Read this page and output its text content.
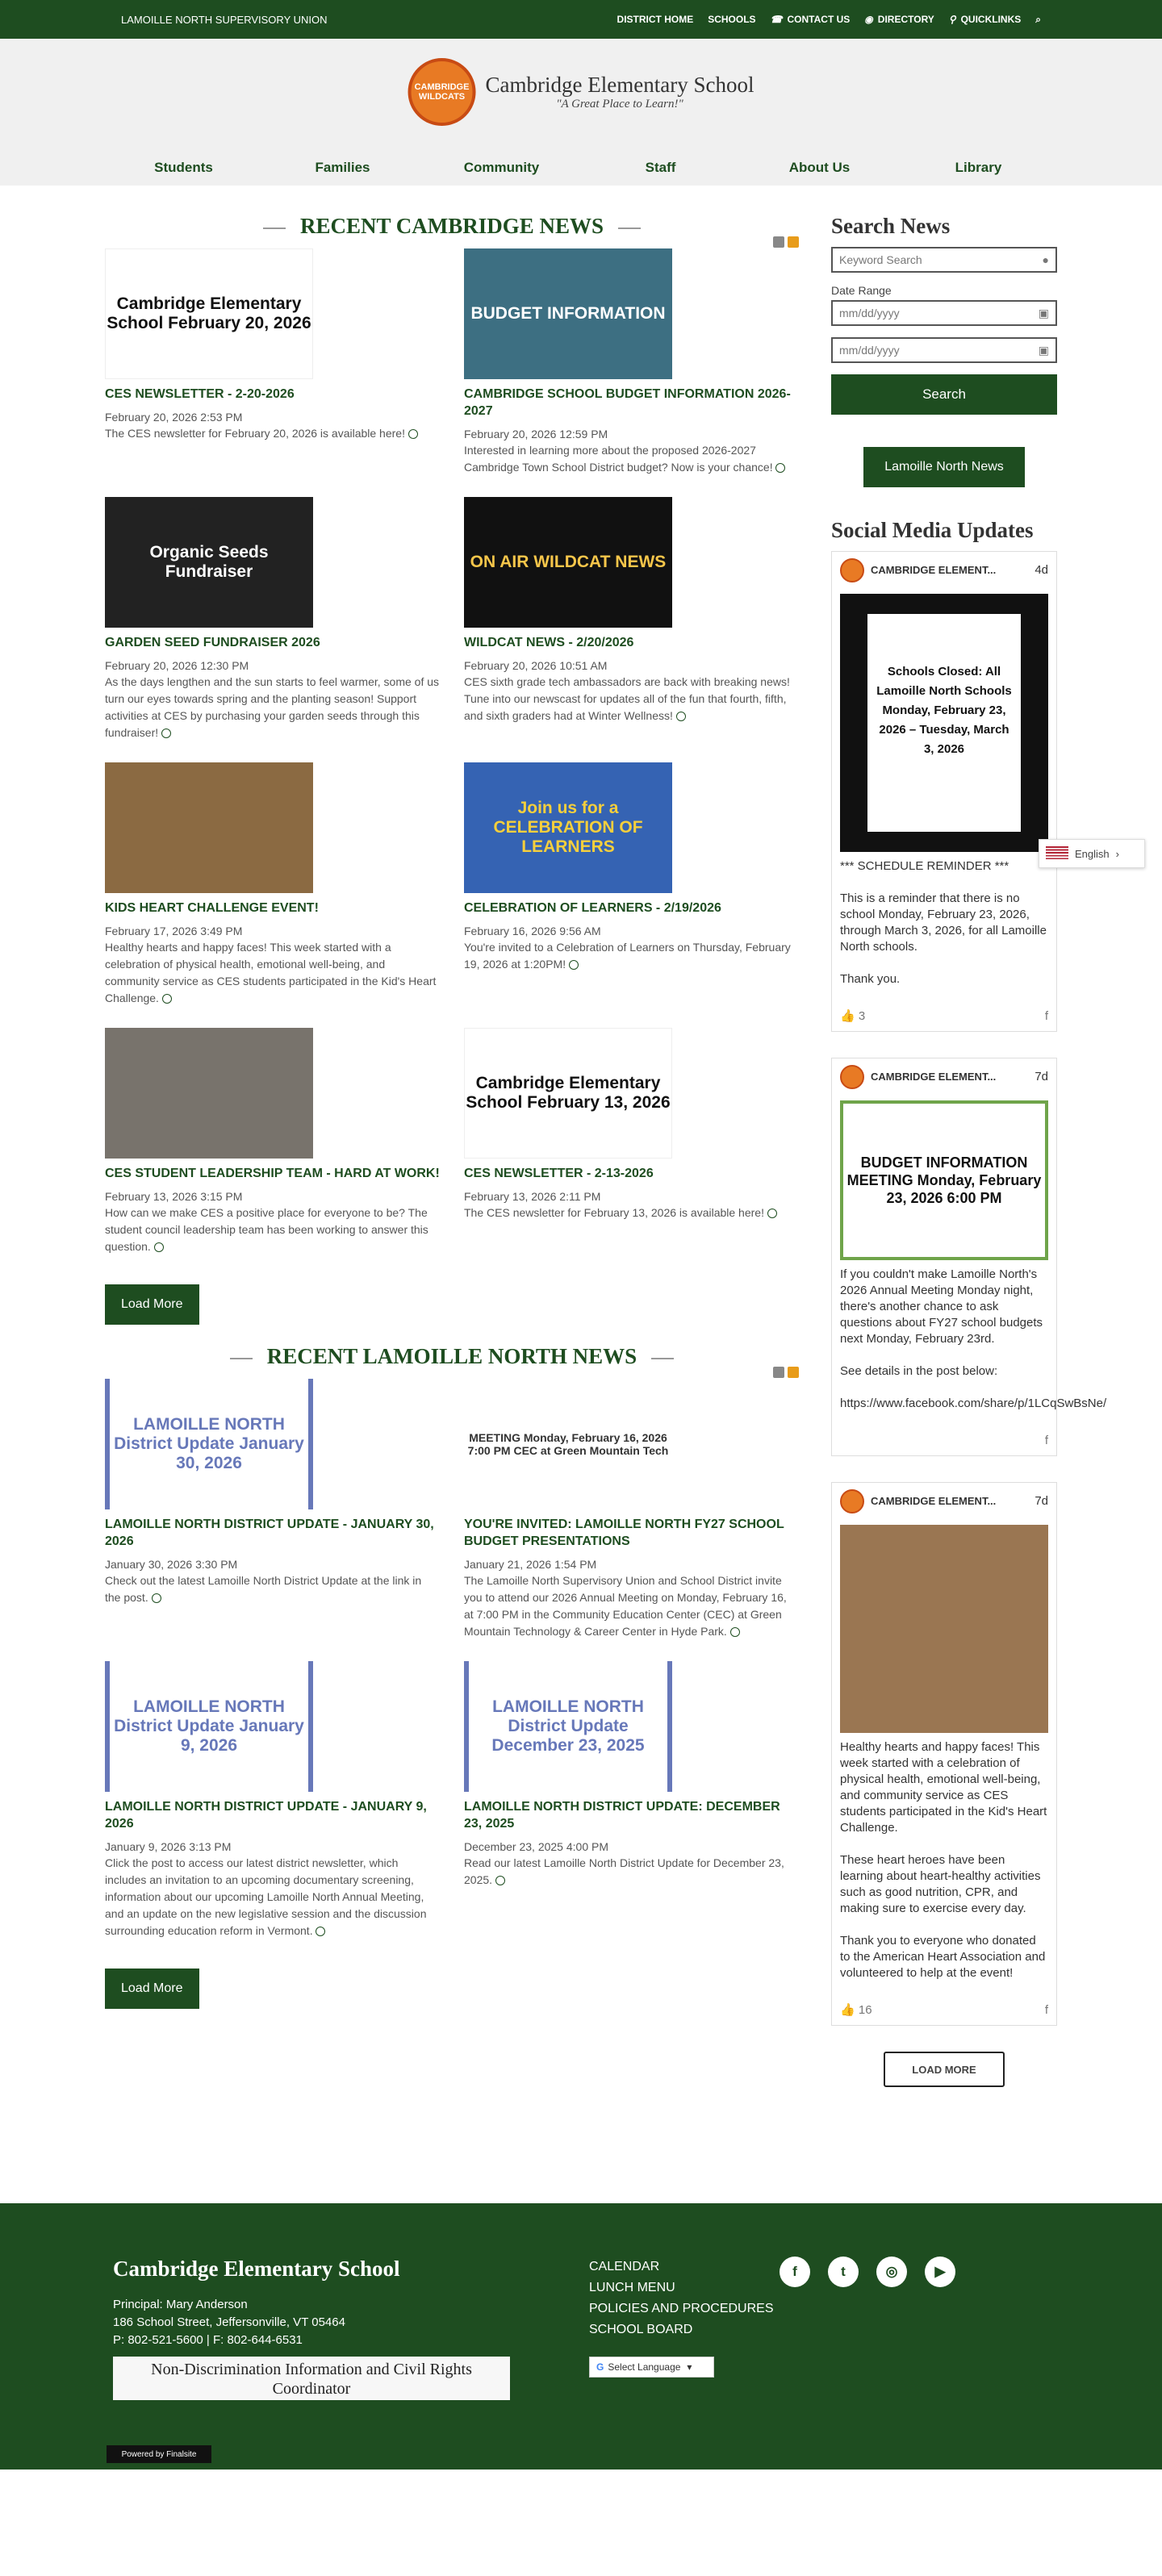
LAMOILLE NORTH SUPERVISORY UNION	DISTRICT HOME SCHOOLS ☎ CONTACT US ◉ DIRECTORY ⚲ QUICKLINKS ⌕
CAMBRIDGE WILDCATS Cambridge Elementary School
"A Great Place to Learn!"
Students	Families	Community	Staff	About Us	Library
RECENT CAMBRIDGE NEWS
Cambridge Elementary School February 20, 2026
CES NEWSLETTER - 2-20-2026
February 20, 2026 2:53 PM

The CES newsletter for February 20, 2026 is available here!

BUDGET INFORMATION
CAMBRIDGE SCHOOL BUDGET INFORMATION 2026-2027
February 20, 2026 12:59 PM

Interested in learning more about the proposed 2026-2027 Cambridge Town School District budget? Now is your chance!

Organic Seeds Fundraiser
GARDEN SEED FUNDRAISER 2026
February 20, 2026 12:30 PM

As the days lengthen and the sun starts to feel warmer, some of us turn our eyes towards spring and the planting season! Support activities at CES by purchasing your garden seeds through this fundraiser!

ON AIR WILDCAT NEWS
WILDCAT NEWS - 2/20/2026
February 20, 2026 10:51 AM

CES sixth grade tech ambassadors are back with breaking news! Tune into our newscast for updates all of the fun that fourth, fifth, and sixth graders had at Winter Wellness!

KIDS HEART CHALLENGE EVENT!
February 17, 2026 3:49 PM

Healthy hearts and happy faces! This week started with a celebration of physical health, emotional well-being, and community service as CES students participated in the Kid's Heart Challenge.

Join us for a CELEBRATION OF LEARNERS
CELEBRATION OF LEARNERS - 2/19/2026
February 16, 2026 9:56 AM

You're invited to a Celebration of Learners on Thursday, February 19, 2026 at 1:20PM!

CES STUDENT LEADERSHIP TEAM - HARD AT WORK!
February 13, 2026 3:15 PM

How can we make CES a positive place for everyone to be? The student council leadership team has been working to answer this question.

Cambridge Elementary School February 13, 2026
CES NEWSLETTER - 2-13-2026
February 13, 2026 2:11 PM

The CES newsletter for February 13, 2026 is available here!

Load More
RECENT LAMOILLE NORTH NEWS
LAMOILLE NORTH District Update January 30, 2026
LAMOILLE NORTH DISTRICT UPDATE - JANUARY 30, 2026
January 30, 2026 3:30 PM

Check out the latest Lamoille North District Update at the link in the post.

MEETING Monday, February 16, 2026 7:00 PM CEC at Green Mountain Tech
YOU'RE INVITED: LAMOILLE NORTH FY27 SCHOOL BUDGET PRESENTATIONS
January 21, 2026 1:54 PM

The Lamoille North Supervisory Union and School District invite you to attend our 2026 Annual Meeting on Monday, February 16, at 7:00 PM in the Community Education Center (CEC) at Green Mountain Technology & Career Center in Hyde Park.

LAMOILLE NORTH District Update January 9, 2026
LAMOILLE NORTH DISTRICT UPDATE - JANUARY 9, 2026
January 9, 2026 3:13 PM

Click the post to access our latest district newsletter, which includes an invitation to an upcoming documentary screening, information about our upcoming Lamoille North Annual Meeting, and an update on the new legislative session and the discussion surrounding education reform in Vermont.

LAMOILLE NORTH District Update December 23, 2025
LAMOILLE NORTH DISTRICT UPDATE: DECEMBER 23, 2025
December 23, 2025 4:00 PM

Read our latest Lamoille North District Update for December 23, 2025.

Load More
Search News
Keyword Search	●
Date Range
mm/dd/yyyy	▣
mm/dd/yyyy	▣
Search
Lamoille North News
Social Media Updates
CAMBRIDGE ELEMENT...	4d
Schools Closed: All Lamoille North Schools Monday, February 23, 2026 – Tuesday, March 3, 2026
*** SCHEDULE REMINDER ***

This is a reminder that there is no school Monday, February 23, 2026, through March 3, 2026, for all Lamoille North schools.

Thank you.
👍 3	f
CAMBRIDGE ELEMENT...	7d
BUDGET INFORMATION MEETING Monday, February 23, 2026 6:00 PM
If you couldn't make Lamoille North's 2026 Annual Meeting Monday night, there's another chance to ask questions about FY27 school budgets next Monday, February 23rd.

See details in the post below:

https://www.facebook.com/share/p/1LCqSwBsNe/
f
CAMBRIDGE ELEMENT...	7d
Healthy hearts and happy faces! This week started with a celebration of physical health, emotional well-being, and community service as CES students participated in the Kid's Heart Challenge.

These heart heroes have been learning about heart-healthy activities such as good nutrition, CPR, and making sure to exercise every day.

Thank you to everyone who donated to the American Heart Association and volunteered to help at the event!
👍 16	f
LOAD MORE
English ›
Cambridge Elementary School
Principal: Mary Anderson
186 School Street, Jeffersonville, VT 05464
P: 802-521-5600 | F: 802-644-6531
Non-Discrimination Information and Civil Rights Coordinator
CALENDAR
LUNCH MENU
POLICIES AND PROCEDURES
SCHOOL BOARD
G Select Language ▾
f	t	◎	▶
Powered by Finalsite
